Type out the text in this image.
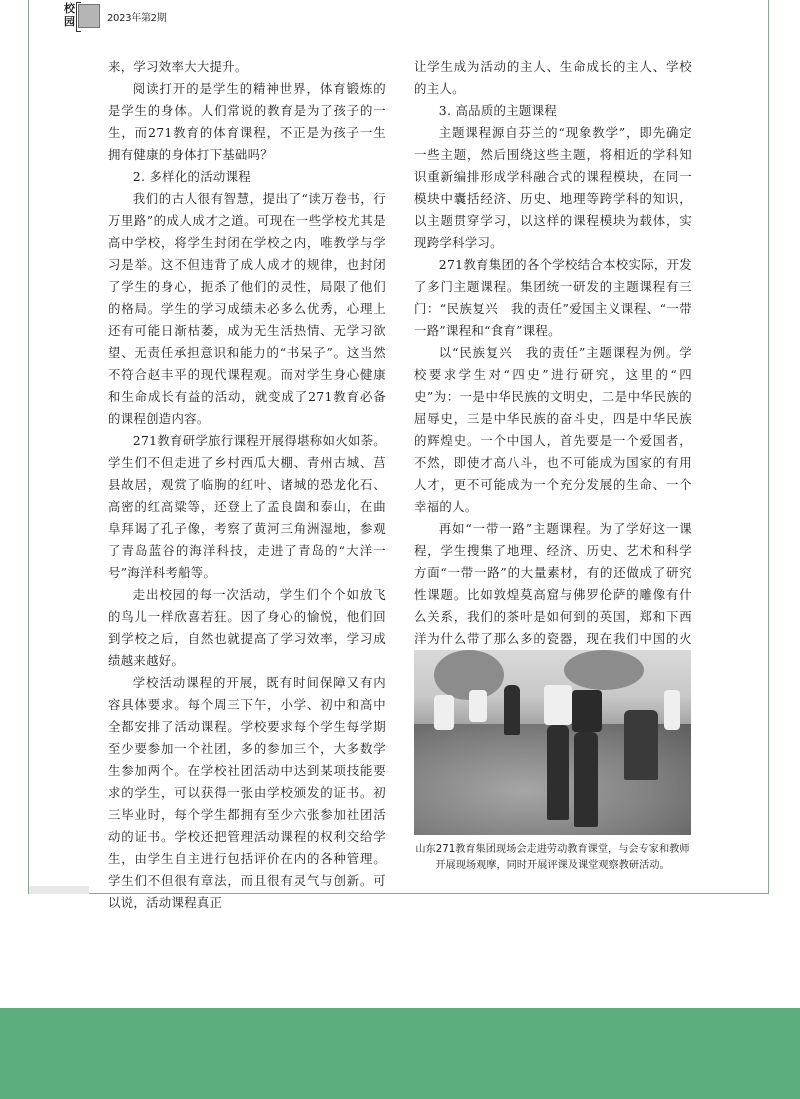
校园	2023年第2期

来，学习效率大大提升。

阅读打开的是学生的精神世界，体育锻炼的是学生的身体。人们常说的教育是为了孩子的一生，而271教育的体育课程，不正是为孩子一生拥有健康的身体打下基础吗？

2. 多样化的活动课程

我们的古人很有智慧，提出了“读万卷书，行万里路”的成人成才之道。可现在一些学校尤其是高中学校，将学生封闭在学校之内，唯教学与学习是举。这不但违背了成人成才的规律，也封闭了学生的身心，扼杀了他们的灵性，局限了他们的格局。学生的学习成绩未必多么优秀，心理上还有可能日渐枯萎，成为无生活热情、无学习欲望、无责任承担意识和能力的“书呆子”。这当然不符合赵丰平的现代课程观。而对学生身心健康和生命成长有益的活动，就变成了271教育必备的课程创造内容。

271教育研学旅行课程开展得堪称如火如荼。学生们不但走进了乡村西瓜大棚、青州古城、莒县故居，观赏了临朐的红叶、诸城的恐龙化石、高密的红高粱等，还登上了孟良崮和泰山，在曲阜拜谒了孔子像，考察了黄河三角洲湿地，参观了青岛蓝谷的海洋科技，走进了青岛的“大洋一号”海洋科考船等。

走出校园的每一次活动，学生们个个如放飞的鸟儿一样欣喜若狂。因了身心的愉悦，他们回到学校之后，自然也就提高了学习效率，学习成绩越来越好。

学校活动课程的开展，既有时间保障又有内容具体要求。每个周三下午，小学、初中和高中全都安排了活动课程。学校要求每个学生每学期至少要参加一个社团，多的参加三个，大多数学生参加两个。在学校社团活动中达到某项技能要求的学生，可以获得一张由学校颁发的证书。初三毕业时，每个学生都拥有至少六张参加社团活动的证书。学校还把管理活动课程的权利交给学生，由学生自主进行包括评价在内的各种管理。学生们不但很有章法，而且很有灵气与创新。可以说，活动课程真正

让学生成为活动的主人、生命成长的主人、学校的主人。

3. 高品质的主题课程

主题课程源自芬兰的“现象教学”，即先确定一些主题，然后围绕这些主题，将相近的学科知识重新编排形成学科融合式的课程模块，在同一模块中囊括经济、历史、地理等跨学科的知识，以主题贯穿学习，以这样的课程模块为载体，实现跨学科学习。

271教育集团的各个学校结合本校实际，开发了多门主题课程。集团统一研发的主题课程有三门：“民族复兴　我的责任”爱国主义课程、“一带一路”课程和“食育”课程。

以“民族复兴　我的责任”主题课程为例。学校要求学生对“四史”进行研究，这里的“四史”为：一是中华民族的文明史，二是中华民族的屈辱史，三是中华民族的奋斗史，四是中华民族的辉煌史。一个中国人，首先要是一个爱国者，不然，即使才高八斗，也不可能成为国家的有用人才，更不可能成为一个充分发展的生命、一个幸福的人。

再如“一带一路”主题课程。为了学好这一课程，学生搜集了地理、经济、历史、艺术和科学方面“一带一路”的大量素材，有的还做成了研究性课题。比如敦煌莫高窟与佛罗伦萨的雕像有什么关系，我们的茶叶是如何到的英国，郑和下西洋为什么带了那么多的瓷器，现在我们中国的火

山东271教育集团现场会走进劳动教育课堂，与会专家和教师开展现场观摩，同时开展评课及课堂观察教研活动。
